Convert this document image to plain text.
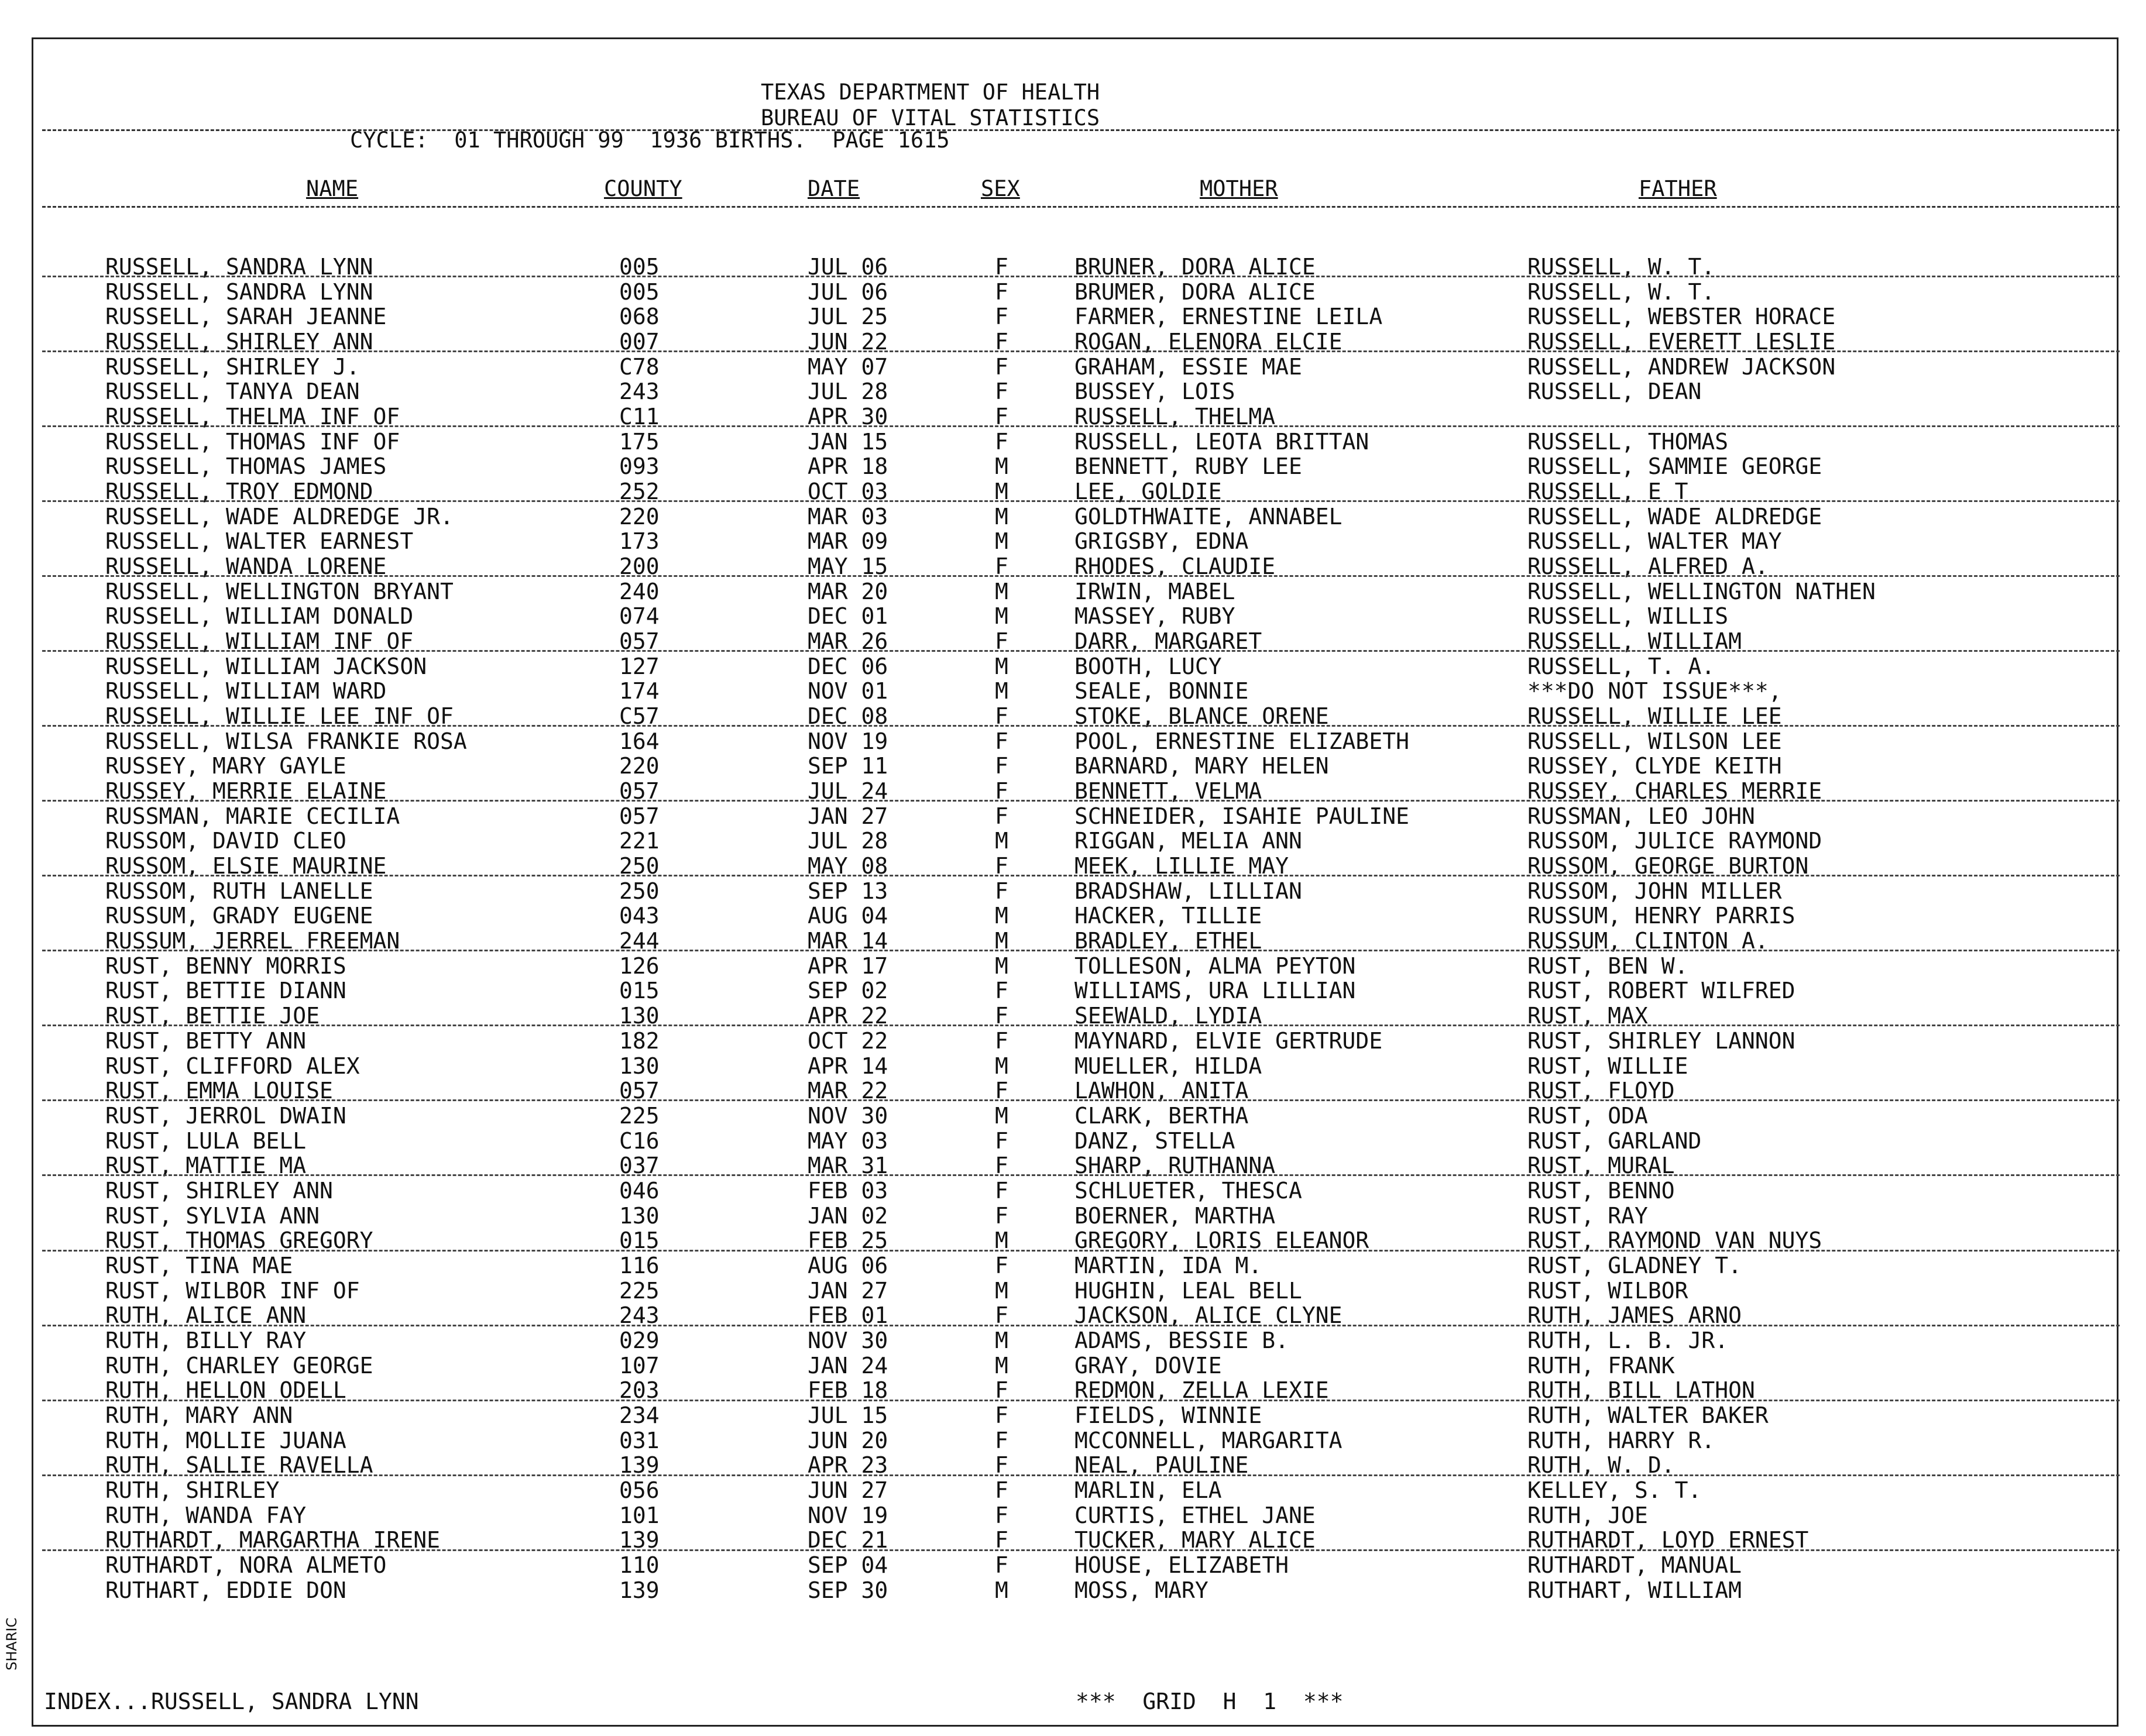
TEXAS DEPARTMENT OF HEALTH
BUREAU OF VITAL STATISTICS
CYCLE:  01 THROUGH 99  1936 BIRTHS.  PAGE 1615
NAME	COUNTY	DATE	SEX	MOTHER	FATHER
RUSSELL, SANDRA LYNN	005	JUL 06	F	BRUNER, DORA ALICE	RUSSELL, W. T.
RUSSELL, SANDRA LYNN	005	JUL 06	F	BRUMER, DORA ALICE	RUSSELL, W. T.
RUSSELL, SARAH JEANNE	068	JUL 25	F	FARMER, ERNESTINE LEILA	RUSSELL, WEBSTER HORACE
RUSSELL, SHIRLEY ANN	007	JUN 22	F	ROGAN, ELENORA ELCIE	RUSSELL, EVERETT LESLIE
RUSSELL, SHIRLEY J.	C78	MAY 07	F	GRAHAM, ESSIE MAE	RUSSELL, ANDREW JACKSON
RUSSELL, TANYA DEAN	243	JUL 28	F	BUSSEY, LOIS	RUSSELL, DEAN
RUSSELL, THELMA INF OF	C11	APR 30	F	RUSSELL, THELMA
RUSSELL, THOMAS INF OF	175	JAN 15	F	RUSSELL, LEOTA BRITTAN	RUSSELL, THOMAS
RUSSELL, THOMAS JAMES	093	APR 18	M	BENNETT, RUBY LEE	RUSSELL, SAMMIE GEORGE
RUSSELL, TROY EDMOND	252	OCT 03	M	LEE, GOLDIE	RUSSELL, E T
RUSSELL, WADE ALDREDGE JR.	220	MAR 03	M	GOLDTHWAITE, ANNABEL	RUSSELL, WADE ALDREDGE
RUSSELL, WALTER EARNEST	173	MAR 09	M	GRIGSBY, EDNA	RUSSELL, WALTER MAY
RUSSELL, WANDA LORENE	200	MAY 15	F	RHODES, CLAUDIE	RUSSELL, ALFRED A.
RUSSELL, WELLINGTON BRYANT	240	MAR 20	M	IRWIN, MABEL	RUSSELL, WELLINGTON NATHEN
RUSSELL, WILLIAM DONALD	074	DEC 01	M	MASSEY, RUBY	RUSSELL, WILLIS
RUSSELL, WILLIAM INF OF	057	MAR 26	F	DARR, MARGARET	RUSSELL, WILLIAM
RUSSELL, WILLIAM JACKSON	127	DEC 06	M	BOOTH, LUCY	RUSSELL, T. A.
RUSSELL, WILLIAM WARD	174	NOV 01	M	SEALE, BONNIE	***DO NOT ISSUE***,
RUSSELL, WILLIE LEE INF OF	C57	DEC 08	F	STOKE, BLANCE ORENE	RUSSELL, WILLIE LEE
RUSSELL, WILSA FRANKIE ROSA	164	NOV 19	F	POOL, ERNESTINE ELIZABETH	RUSSELL, WILSON LEE
RUSSEY, MARY GAYLE	220	SEP 11	F	BARNARD, MARY HELEN	RUSSEY, CLYDE KEITH
RUSSEY, MERRIE ELAINE	057	JUL 24	F	BENNETT, VELMA	RUSSEY, CHARLES MERRIE
RUSSMAN, MARIE CECILIA	057	JAN 27	F	SCHNEIDER, ISAHIE PAULINE	RUSSMAN, LEO JOHN
RUSSOM, DAVID CLEO	221	JUL 28	M	RIGGAN, MELIA ANN	RUSSOM, JULICE RAYMOND
RUSSOM, ELSIE MAURINE	250	MAY 08	F	MEEK, LILLIE MAY	RUSSOM, GEORGE BURTON
RUSSOM, RUTH LANELLE	250	SEP 13	F	BRADSHAW, LILLIAN	RUSSOM, JOHN MILLER
RUSSUM, GRADY EUGENE	043	AUG 04	M	HACKER, TILLIE	RUSSUM, HENRY PARRIS
RUSSUM, JERREL FREEMAN	244	MAR 14	M	BRADLEY, ETHEL	RUSSUM, CLINTON A.
RUST, BENNY MORRIS	126	APR 17	M	TOLLESON, ALMA PEYTON	RUST, BEN W.
RUST, BETTIE DIANN	015	SEP 02	F	WILLIAMS, URA LILLIAN	RUST, ROBERT WILFRED
RUST, BETTIE JOE	130	APR 22	F	SEEWALD, LYDIA	RUST, MAX
RUST, BETTY ANN	182	OCT 22	F	MAYNARD, ELVIE GERTRUDE	RUST, SHIRLEY LANNON
RUST, CLIFFORD ALEX	130	APR 14	M	MUELLER, HILDA	RUST, WILLIE
RUST, EMMA LOUISE	057	MAR 22	F	LAWHON, ANITA	RUST, FLOYD
RUST, JERROL DWAIN	225	NOV 30	M	CLARK, BERTHA	RUST, ODA
RUST, LULA BELL	C16	MAY 03	F	DANZ, STELLA	RUST, GARLAND
RUST, MATTIE MA	037	MAR 31	F	SHARP, RUTHANNA	RUST, MURAL
RUST, SHIRLEY ANN	046	FEB 03	F	SCHLUETER, THESCA	RUST, BENNO
RUST, SYLVIA ANN	130	JAN 02	F	BOERNER, MARTHA	RUST, RAY
RUST, THOMAS GREGORY	015	FEB 25	M	GREGORY, LORIS ELEANOR	RUST, RAYMOND VAN NUYS
RUST, TINA MAE	116	AUG 06	F	MARTIN, IDA M.	RUST, GLADNEY T.
RUST, WILBOR INF OF	225	JAN 27	M	HUGHIN, LEAL BELL	RUST, WILBOR
RUTH, ALICE ANN	243	FEB 01	F	JACKSON, ALICE CLYNE	RUTH, JAMES ARNO
RUTH, BILLY RAY	029	NOV 30	M	ADAMS, BESSIE B.	RUTH, L. B. JR.
RUTH, CHARLEY GEORGE	107	JAN 24	M	GRAY, DOVIE	RUTH, FRANK
RUTH, HELLON ODELL	203	FEB 18	F	REDMON, ZELLA LEXIE	RUTH, BILL LATHON
RUTH, MARY ANN	234	JUL 15	F	FIELDS, WINNIE	RUTH, WALTER BAKER
RUTH, MOLLIE JUANA	031	JUN 20	F	MCCONNELL, MARGARITA	RUTH, HARRY R.
RUTH, SALLIE RAVELLA	139	APR 23	F	NEAL, PAULINE	RUTH, W. D.
RUTH, SHIRLEY	056	JUN 27	F	MARLIN, ELA	KELLEY, S. T.
RUTH, WANDA FAY	101	NOV 19	F	CURTIS, ETHEL JANE	RUTH, JOE
RUTHARDT, MARGARTHA IRENE	139	DEC 21	F	TUCKER, MARY ALICE	RUTHARDT, LOYD ERNEST
RUTHARDT, NORA ALMETO	110	SEP 04	F	HOUSE, ELIZABETH	RUTHARDT, MANUAL
RUTHART, EDDIE DON	139	SEP 30	M	MOSS, MARY	RUTHART, WILLIAM
INDEX...RUSSELL, SANDRA LYNN	***  GRID  H  1  ***
SHARIC
